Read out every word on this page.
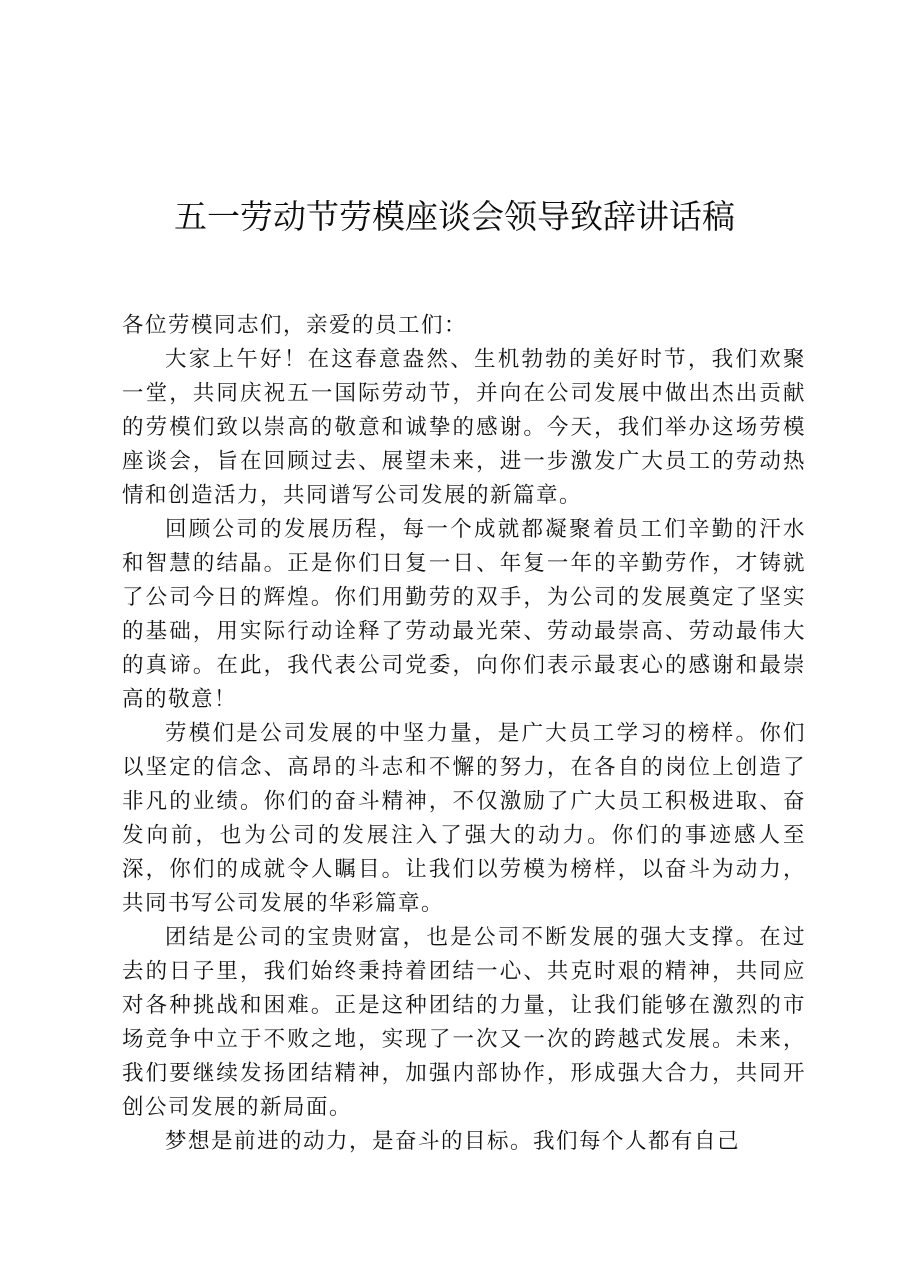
五一劳动节劳模座谈会领导致辞讲话稿

各位劳模同志们，亲爱的员工们：

大家上午好！在这春意盎然、生机勃勃的美好时节，我们欢聚一堂，共同庆祝五一国际劳动节，并向在公司发展中做出杰出贡献的劳模们致以崇高的敬意和诚挚的感谢。今天，我们举办这场劳模座谈会，旨在回顾过去、展望未来，进一步激发广大员工的劳动热情和创造活力，共同谱写公司发展的新篇章。

回顾公司的发展历程，每一个成就都凝聚着员工们辛勤的汗水和智慧的结晶。正是你们日复一日、年复一年的辛勤劳作，才铸就了公司今日的辉煌。你们用勤劳的双手，为公司的发展奠定了坚实的基础，用实际行动诠释了劳动最光荣、劳动最崇高、劳动最伟大的真谛。在此，我代表公司党委，向你们表示最衷心的感谢和最崇高的敬意！

劳模们是公司发展的中坚力量，是广大员工学习的榜样。你们以坚定的信念、高昂的斗志和不懈的努力，在各自的岗位上创造了非凡的业绩。你们的奋斗精神，不仅激励了广大员工积极进取、奋发向前，也为公司的发展注入了强大的动力。你们的事迹感人至深，你们的成就令人瞩目。让我们以劳模为榜样，以奋斗为动力，共同书写公司发展的华彩篇章。

团结是公司的宝贵财富，也是公司不断发展的强大支撑。在过去的日子里，我们始终秉持着团结一心、共克时艰的精神，共同应对各种挑战和困难。正是这种团结的力量，让我们能够在激烈的市场竞争中立于不败之地，实现了一次又一次的跨越式发展。未来，我们要继续发扬团结精神，加强内部协作，形成强大合力，共同开创公司发展的新局面。

梦想是前进的动力，是奋斗的目标。我们每个人都有自己
